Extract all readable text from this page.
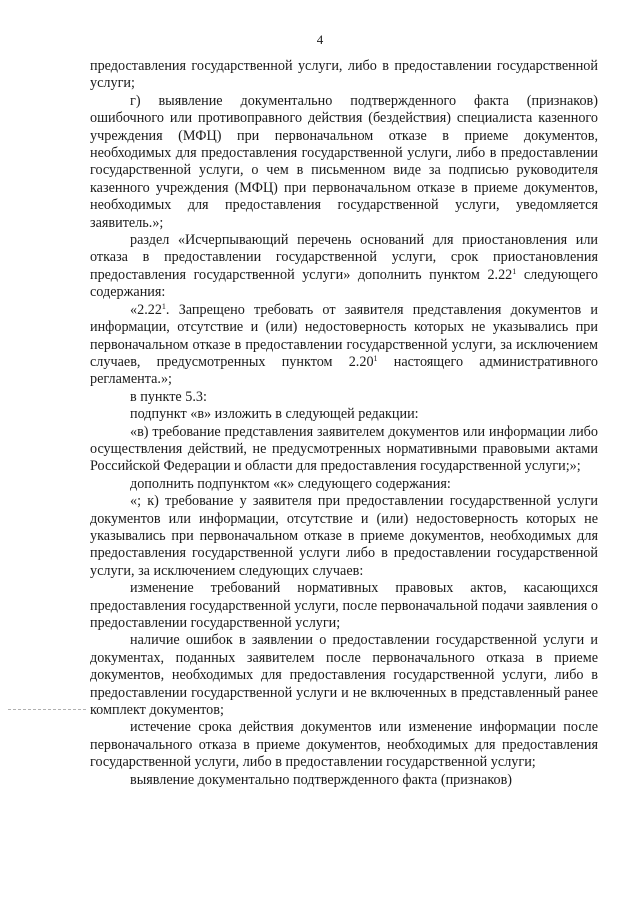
4

предоставления государственной услуги, либо в предоставлении государственной услуги;

г) выявление документально подтвержденного факта (признаков) ошибочного или противоправного действия (бездействия) специалиста казенного учреждения (МФЦ) при первоначальном отказе в приеме документов, необходимых для предоставления государственной услуги, либо в предоставлении государственной услуги, о чем в письменном виде за подписью руководителя казенного учреждения (МФЦ) при первоначальном отказе в приеме документов, необходимых для предоставления государственной услуги, уведомляется заявитель.»;

раздел «Исчерпывающий перечень оснований для приостановления или отказа в предоставлении государственной услуги, срок приостановления предоставления государственной услуги» дополнить пунктом 2.22$^1$ следующего содержания:

«2.22$^1$. Запрещено требовать от заявителя представления документов и информации, отсутствие и (или) недостоверность которых не указывались при первоначальном отказе в предоставлении государственной услуги, за исключением случаев, предусмотренных пунктом 2.20$^1$ настоящего административного регламента.»;

в пункте 5.3:

подпункт «в» изложить в следующей редакции:

«в) требование представления заявителем документов или информации либо осуществления действий, не предусмотренных нормативными правовыми актами Российской Федерации и области для предоставления государственной услуги;»;

дополнить подпунктом «к» следующего содержания:

«; к) требование у заявителя при предоставлении государственной услуги документов или информации, отсутствие и (или) недостоверность которых не указывались при первоначальном отказе в приеме документов, необходимых для предоставления государственной услуги либо в предоставлении государственной услуги, за исключением следующих случаев:

изменение требований нормативных правовых актов, касающихся предоставления государственной услуги, после первоначальной подачи заявления о предоставлении государственной услуги;

наличие ошибок в заявлении о предоставлении государственной услуги и документах, поданных заявителем после первоначального отказа в приеме документов, необходимых для предоставления государственной услуги, либо в предоставлении государственной услуги и не включенных в представленный ранее комплект документов;

истечение срока действия документов или изменение информации после первоначального отказа в приеме документов, необходимых для предоставления государственной услуги, либо в предоставлении государственной услуги;

выявление документально подтвержденного факта (признаков)
